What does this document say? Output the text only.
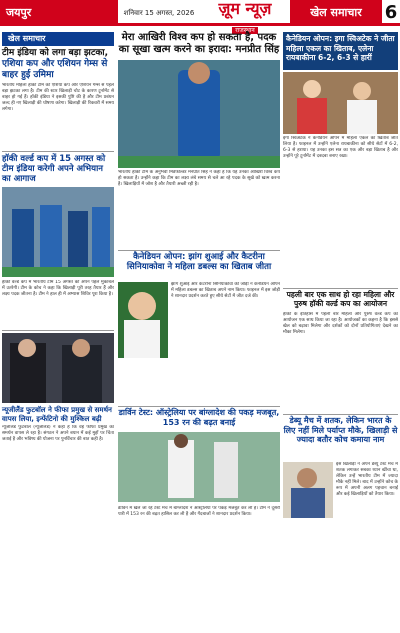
जयपुर	शनिवार 15 अगस्त, 2026	ज़ूम न्यूज़
राजस्थान
खेल समाचार	6
खेल समाचार
टीम इंडिया को लगा बड़ा झटका,
एशिया कप और एशियन गेम्स से बाहर हुई उमिमा
भारतीय महिला हॉकी टीम को एशिया कप और एशियन गेम्स से पहले बड़ा झटका लगा है। टीम की स्टार खिलाड़ी चोट के कारण टूर्नामेंट से बाहर हो गई हैं। हॉकी इंडिया ने इसकी पुष्टि की है और टीम प्रबंधन जल्द ही नए खिलाड़ी की घोषणा करेगा। खिलाड़ी की रिकवरी में समय लगेगा।
हॉकी वर्ल्ड कप में 15 अगस्त को टीम इंडिया करेगी अपने अभियान का आगाज
हॉकी वर्ल्ड कप में भारतीय टीम 15 अगस्त को अपने पहले मुकाबले में उतरेगी। टीम के कोच ने कहा कि खिलाड़ी पूरी तरह तैयार हैं और लक्ष्य पदक जीतना है। टीम ने हाल ही में अभ्यास शिविर पूरा किया है।
न्यूजीलैंड फुटबॉल ने फीफा प्रमुख से समर्थन वापस लिया, इन्फेंटिनो की मुश्किल बढ़ी
न्यूजीलैंड फुटबॉल (न्यूजीलैंड) ने कहा है कि वह फीफा प्रमुख का समर्थन वापस ले रहा है। संगठन ने अपने बयान में कई मुद्दों पर चिंता जताई है और भविष्य की योजना पर पुनर्विचार की बात कही है।
मेरा आखिरी विश्व कप हो सकता है, पदक का सूखा खत्म करने का इरादा: मनप्रीत सिंह
भारतीय हॉकी टीम के अनुभवी मिडफील्डर मनप्रीत सिंह ने कहा है कि यह उनका आखिरी विश्व कप हो सकता है। उन्होंने कहा कि टीम का लक्ष्य लंबे समय से चले आ रहे पदक के सूखे को खत्म करना है। खिलाड़ियों में जोश है और तैयारी अच्छी रही है।
कैनेडियन ओपन: झांग शुआई और कैटरीना सिनियाकोवा ने महिला डबल्स का खिताब जीता
झांग शुआई और कैटरीना सिनियाकोवा की जोड़ी ने कैनेडियन ओपन में महिला डबल्स का खिताब अपने नाम किया। फाइनल में इस जोड़ी ने शानदार प्रदर्शन करते हुए सीधे सेटों में जीत दर्ज की।
डार्विन टेस्ट: ऑस्ट्रेलिया पर बांग्लादेश की पकड़ मजबूत, 153 रन की बढ़त बनाई
डार्विन में खेले जा रहे टेस्ट मैच में बांग्लादेश ने ऑस्ट्रेलिया पर पकड़ मजबूत कर ली है। टीम ने दूसरी पारी में 153 रन की बढ़त हासिल कर ली है और गेंदबाजों ने शानदार प्रदर्शन किया।
कैनेडियन ओपन: इगा स्विअटेक ने जीता महिला एकल का खिताब, एलेना रायबाकीना 6-2, 6-3 से हारीं
इगा स्विअटेक ने कैनेडियन ओपन में महिला एकल का खिताब जीत लिया है। फाइनल में उन्होंने एलेना रायबाकीना को सीधे सेटों में 6-2, 6-3 से हराया। यह उनका इस सत्र का एक और बड़ा खिताब है और उन्होंने पूरे टूर्नामेंट में दबदबा बनाए रखा।
पहली बार एक साथ हो रहा महिला और पुरुष हॉकी वर्ल्ड कप का आयोजन
हॉकी के इतिहास में पहली बार महिला और पुरुष वर्ल्ड कप का आयोजन एक साथ किया जा रहा है। आयोजकों का कहना है कि इससे खेल को बढ़ावा मिलेगा और दर्शकों को दोनों प्रतियोगिताएं देखने का मौका मिलेगा।
डेब्यू मैच में शतक, लेकिन भारत के लिए नहीं मिले पर्याप्त मौके, खिलाड़ी से ज्यादा बतौर कोच कमाया नाम
इस खिलाड़ी ने अपने डेब्यू टेस्ट मैच में शतक लगाकर सबका ध्यान खींचा था, लेकिन उन्हें भारतीय टीम में ज्यादा मौके नहीं मिले। बाद में उन्होंने कोच के रूप में अपनी अलग पहचान बनाई और कई खिलाड़ियों को तैयार किया।
